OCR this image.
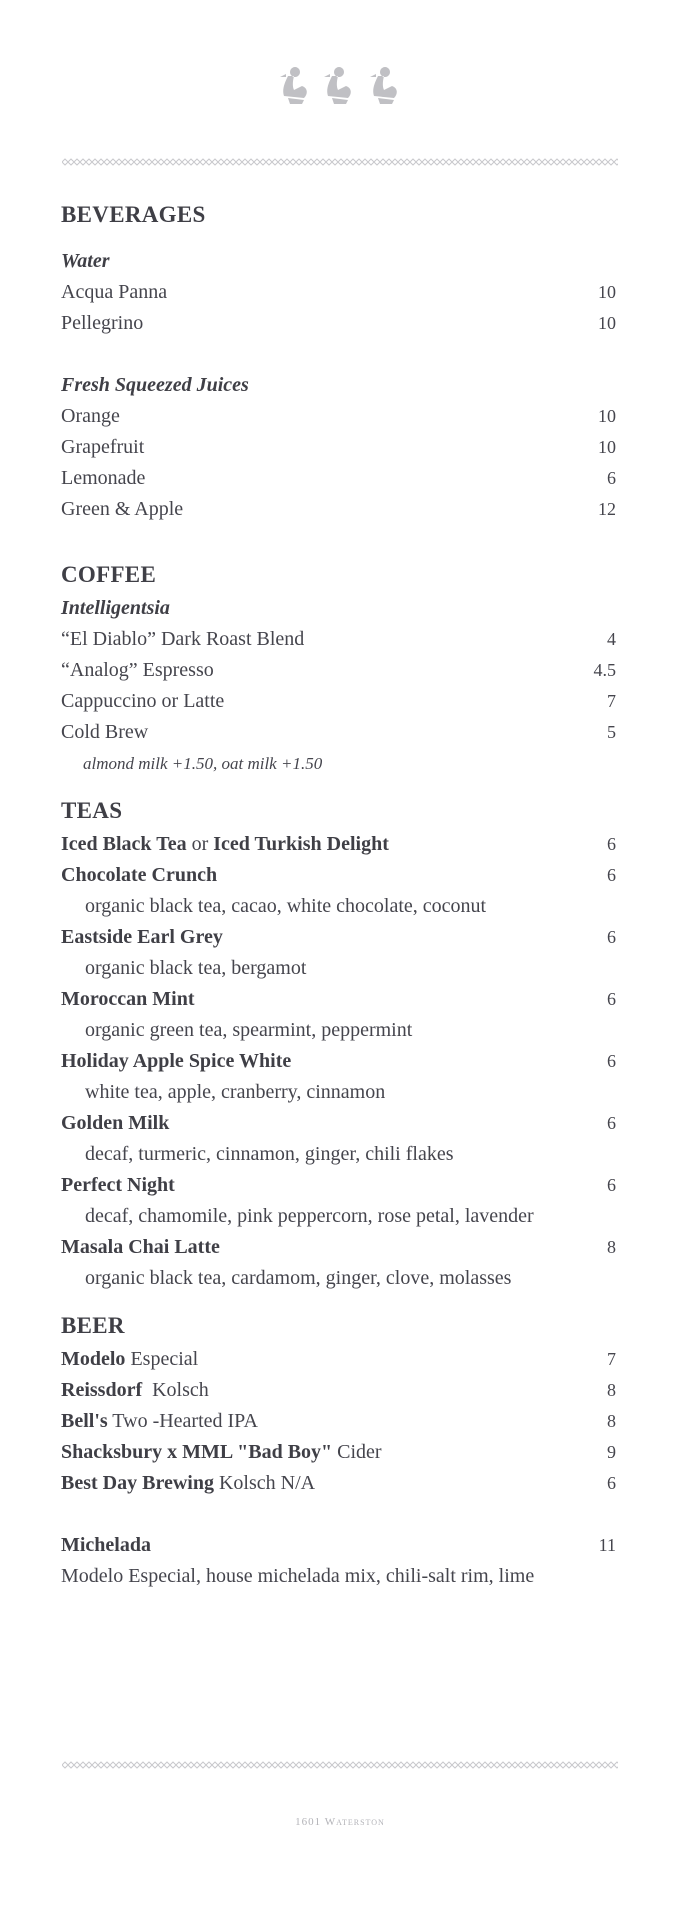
BEVERAGES
Water
Acqua Panna	10
Pellegrino	10
Fresh Squeezed Juices
Orange	10
Grapefruit	10
Lemonade	6
Green & Apple	12
COFFEE
Intelligentsia
“El Diablo” Dark Roast Blend	4
“Analog” Espresso	4.5
Cappuccino or Latte	7
Cold Brew	5
almond milk +1.50, oat milk +1.50
TEAS
Iced Black Tea or Iced Turkish Delight	6
Chocolate Crunch	6
organic black tea, cacao, white chocolate, coconut
Eastside Earl Grey	6
organic black tea, bergamot
Moroccan Mint	6
organic green tea, spearmint, peppermint
Holiday Apple Spice White	6
white tea, apple, cranberry, cinnamon
Golden Milk	6
decaf, turmeric, cinnamon, ginger, chili flakes
Perfect Night	6
decaf, chamomile, pink peppercorn, rose petal, lavender
Masala Chai Latte	8
organic black tea, cardamom, ginger, clove, molasses
BEER
Modelo Especial	7
Reissdorf  Kolsch	8
Bell's Two -Hearted IPA	8
Shacksbury x MML "Bad Boy" Cider	9
Best Day Brewing Kolsch N/A	6
Michelada	11
Modelo Especial, house michelada mix, chili-salt rim, lime
1601 Waterston
